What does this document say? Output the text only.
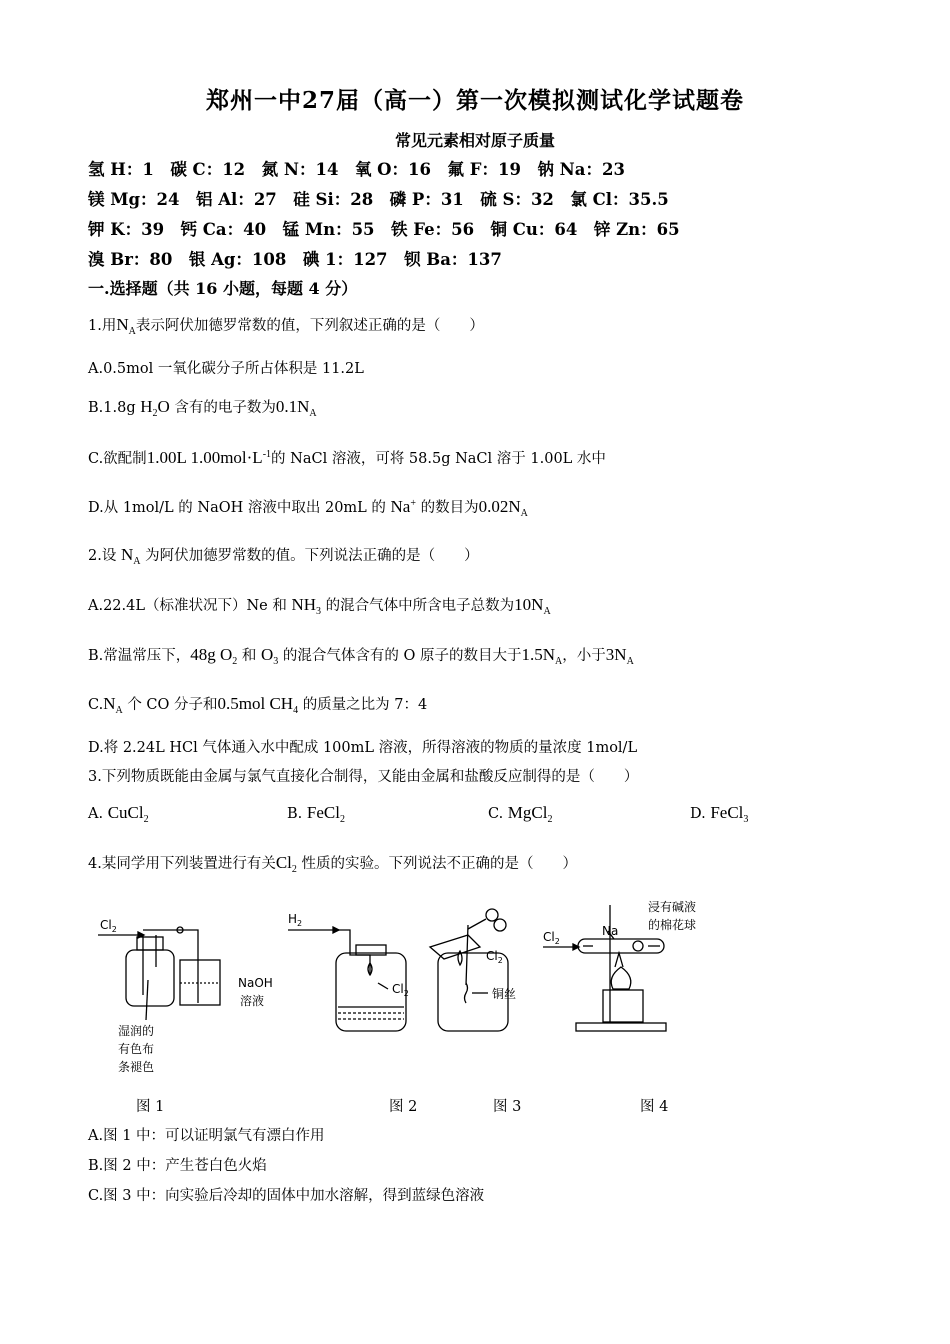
郑州一中27届（高一）第一次模拟测试化学试题卷
常见元素相对原子质量
氢 H：1　碳 C：12　氮 N：14　氧 O：16　氟 F：19　钠 Na：23
镁 Mg：24　铝 Al：27　硅 Si：28　磷 P：31　硫 S：32　氯 Cl：35.5
钾 K：39　钙 Ca：40　锰 Mn：55　铁 Fe：56　铜 Cu：64　锌 Zn：65
溴 Br：80　银 Ag：108　碘 1：127　钡 Ba：137
一.选择题（共 16 小题，每题 4 分）
1.用$N_A$表示阿伏加德罗常数的值，下列叙述正确的是（　　）
A.0.5mol 一氧化碳分子所占体积是 11.2L
B.1.8g $H_2O$ 含有的电子数为$0.1N_A$
C.欲配制1.00L $1.00mol\cdot L^{-1}$的 NaCl 溶液，可将 58.5g NaCl 溶于 1.00L 水中
D.从 1mol/L 的 NaOH 溶液中取出 20mL 的 Na+ 的数目为$0.02N_A$
2.设 $N_A$ 为阿伏加德罗常数的值。下列说法正确的是（　　）
A.22.4L（标准状况下）Ne 和 $NH_3$ 的混合气体中所含电子总数为$10N_A$
B.常温常压下，48g $O_2$ 和 $O_3$ 的混合气体含有的 O 原子的数目大于$1.5N_A$，小于$3N_A$
$C.N_A$ 个 CO 分子和0.5mol $CH_4$ 的质量之比为 7：4
D.将 2.24L HCl 气体通入水中配成 100mL 溶液，所得溶液的物质的量浓度 1mol/L
3.下列物质既能由金属与氯气直接化合制得，又能由金属和盐酸反应制得的是（　　）
A. CuCl$_2$	B. FeCl$_2$	C. MgCl$_2$	D. FeCl$_3$
4.某同学用下列装置进行有关$Cl_2$ 性质的实验。下列说法不正确的是（　　）
$Cl_2$
NaOH
溶液
湿润的
有色布
条褪色
$H_2$
$Cl_2$
$Cl_2$
铜丝
$Cl_2$
Na
浸有碱液
的棉花球
图 1	图 2	图 3	图 4
A.图 1 中：可以证明氯气有漂白作用
B.图 2 中：产生苍白色火焰
C.图 3 中：向实验后冷却的固体中加水溶解，得到蓝绿色溶液
